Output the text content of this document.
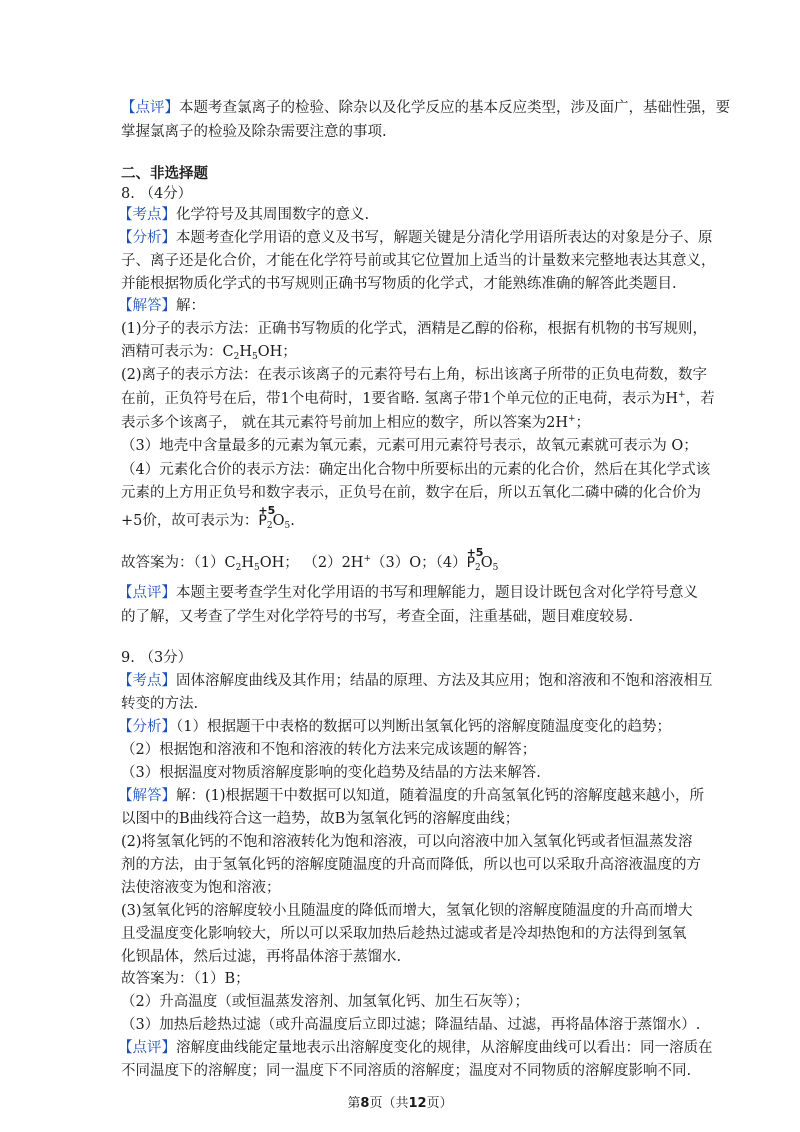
【点评】本题考查氯离子的检验、除杂以及化学反应的基本反应类型，涉及面广，基础性强，要
掌握氯离子的检验及除杂需要注意的事项.
二、非选择题
8. （4分）
【考点】化学符号及其周围数字的意义.
【分析】本题考查化学用语的意义及书写，解题关键是分清化学用语所表达的对象是分子、原
子、离子还是化合价，才能在化学符号前或其它位置加上适当的计量数来完整地表达其意义，
并能根据物质化学式的书写规则正确书写物质的化学式，才能熟练准确的解答此类题目.
【解答】解：
(1)分子的表示方法：正确书写物质的化学式，酒精是乙醇的俗称，根据有机物的书写规则，
酒精可表示为：$C_2H_5OH$；
(2)离子的表示方法：在表示该离子的元素符号右上角，标出该离子所带的正负电荷数，数字
在前，正负符号在后，带1个电荷时，1要省略. 氢离子带1个单元位的正电荷，表示为H+，若
表示多个该离子， 就在其元素符号前加上相应的数字，所以答案为2H+；
（3）地壳中含量最多的元素为氧元素，元素可用元素符号表示，故氧元素就可表示为 O；
（4）元素化合价的表示方法：确定出化合物中所要标出的元素的化合价，然后在其化学式该
元素的上方用正负号和数字表示，正负号在前，数字在后，所以五氧化二磷中磷的化合价为
+5价，故可表示为：
+5
$P_2O_5$.
故答案为：$(1)C_2H_5OH$； （2）2H+（3）O；（4）
+5
$P_2O_5$
【点评】本题主要考查学生对化学用语的书写和理解能力，题目设计既包含对化学符号意义
的了解，又考查了学生对化学符号的书写，考查全面，注重基础，题目难度较易.
9. （3分）
【考点】固体溶解度曲线及其作用；结晶的原理、方法及其应用；饱和溶液和不饱和溶液相互
转变的方法.
【分析】（1）根据题干中表格的数据可以判断出氢氧化钙的溶解度随温度变化的趋势；
（2）根据饱和溶液和不饱和溶液的转化方法来完成该题的解答；
（3）根据温度对物质溶解度影响的变化趋势及结晶的方法来解答.
【解答】解：(1)根据题干中数据可以知道，随着温度的升高氢氧化钙的溶解度越来越小，所
以图中的B曲线符合这一趋势，故B为氢氧化钙的溶解度曲线；
(2)将氢氧化钙的不饱和溶液转化为饱和溶液，可以向溶液中加入氢氧化钙或者恒温蒸发溶
剂的方法，由于氢氧化钙的溶解度随温度的升高而降低，所以也可以采取升高溶液温度的方
法使溶液变为饱和溶液；
(3)氢氧化钙的溶解度较小且随温度的降低而增大，氢氧化钡的溶解度随温度的升高而增大
且受温度变化影响较大，所以可以采取加热后趁热过滤或者是冷却热饱和的方法得到氢氧
化钡晶体，然后过滤，再将晶体溶于蒸馏水.
故答案为：（1）B；
（2）升高温度（或恒温蒸发溶剂、加氢氧化钙、加生石灰等）；
（3）加热后趁热过滤（或升高温度后立即过滤；降温结晶、过滤，再将晶体溶于蒸馏水）.
【点评】溶解度曲线能定量地表示出溶解度变化的规律，从溶解度曲线可以看出：同一溶质在
不同温度下的溶解度；同一温度下不同溶质的溶解度；温度对不同物质的溶解度影响不同.
第8页（共12页）
